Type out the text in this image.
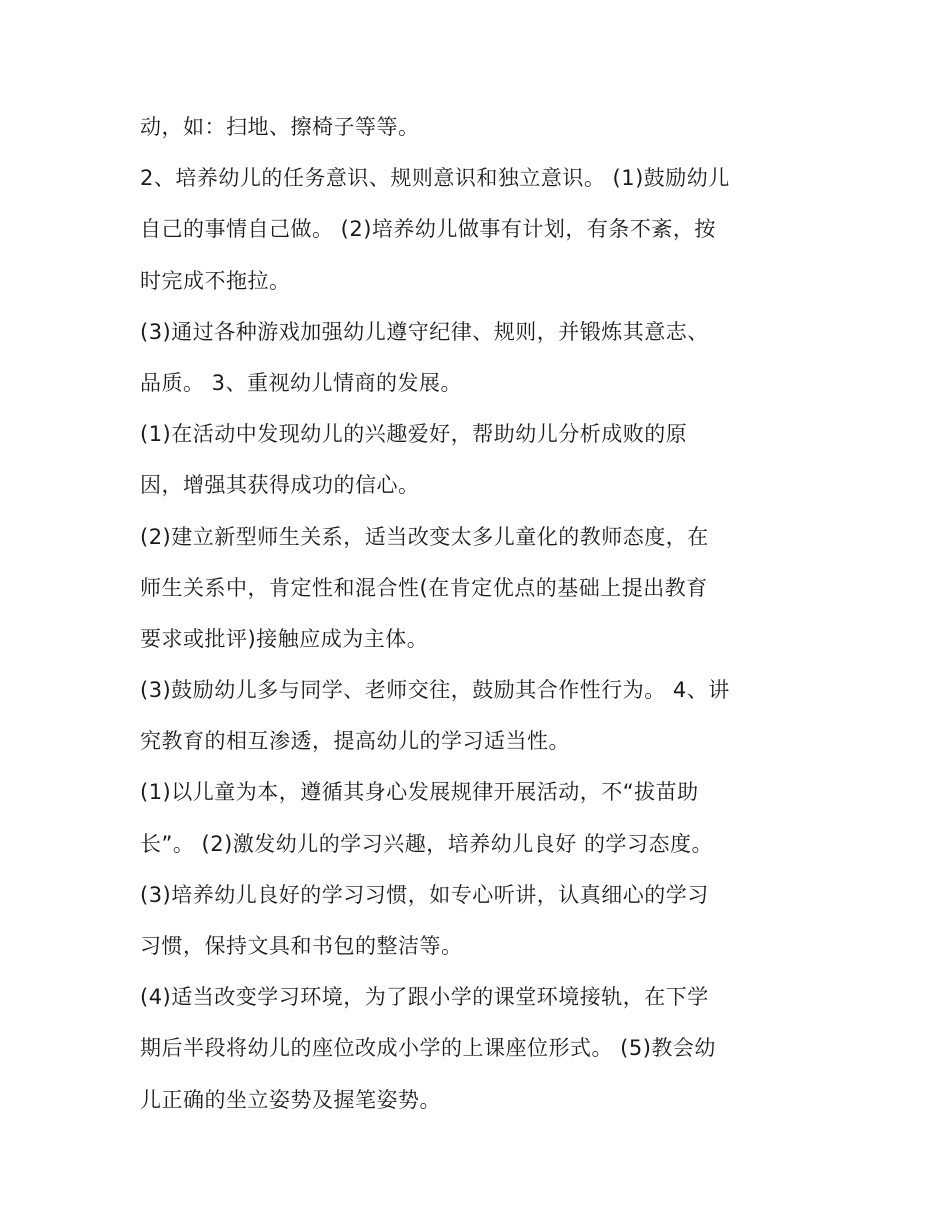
动，如：扫地、擦椅子等等。
2、培养幼儿的任务意识、规则意识和独立意识。 (1)鼓励幼儿
自己的事情自己做。 (2)培养幼儿做事有计划，有条不紊，按
时完成不拖拉。
(3)通过各种游戏加强幼儿遵守纪律、规则，并锻炼其意志、
品质。 3、重视幼儿情商的发展。
(1)在活动中发现幼儿的兴趣爱好，帮助幼儿分析成败的原
因，增强其获得成功的信心。
(2)建立新型师生关系，适当改变太多儿童化的教师态度，在
师生关系中，肯定性和混合性(在肯定优点的基础上提出教育
要求或批评)接触应成为主体。
(3)鼓励幼儿多与同学、老师交往，鼓励其合作性行为。 4、讲
究教育的相互渗透，提高幼儿的学习适当性。
(1)以儿童为本，遵循其身心发展规律开展活动，不“拔苗助
长”。 (2)激发幼儿的学习兴趣，培养幼儿良好 的学习态度。
(3)培养幼儿良好的学习习惯，如专心听讲，认真细心的学习
习惯，保持文具和书包的整洁等。
(4)适当改变学习环境，为了跟小学的课堂环境接轨，在下学
期后半段将幼儿的座位改成小学的上课座位形式。 (5)教会幼
儿正确的坐立姿势及握笔姿势。
